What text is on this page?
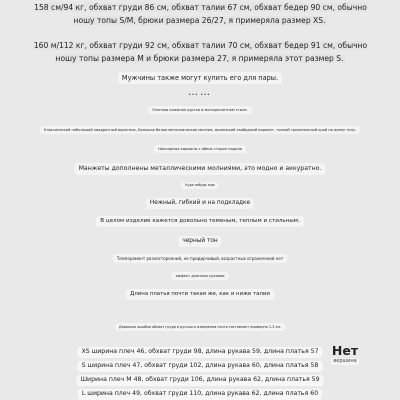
158 см/94 кг, обхват груди 86 см, обхват талии 67 см, обхват бедер 90 см, обычно ношу топы S/M, брюки размера 26/27, я примеряла размер XS.
160 м/112 кг, обхват груди 92 см, обхват талии 70 см, обхват бедер 91 см, обычно ношу топы размера M и брюки размера 27, я примеряла этот размер S.
Мужчины также могут купить его для пары.
……
Осенняя кожаная куртка в мотоциклетном стиле.
Классический небольшой квадратный воротник, Большая белая металлическая молния, маленький свободный вариант, тонкий трикотажный край по всему телу.
Накладные карманы с обеих сторон подола
Манжеты дополнены металлическими молниями, это модно и аккуратно.
Куда-нибудь еще
Нежный, гибкий и на подкладке
В целом изделие кажется довольно теменым, теплым и стильным.
черный тон
Темперамент разносторонний, не придирчивый, возрастных ограничений нет
эффект длинных рукавов
Длина платья почти такая же, как и ниже талии
Довольно ошибки обхват груди в русского измерения почти составляет примерно 1-3 см.
XS ширина плеч 46, обхват груди 98, длина рукава 59, длина платья 57
S ширина плеч 47, обхват груди 102, длина рукава 60, длина платья 58
Ширина плеч М 48, обхват груди 106, длина рукава 62, длина платья 59
L ширина плеч 49, обхват груди 110, длина рукава 62, длина платья 60
Нет
вершина
